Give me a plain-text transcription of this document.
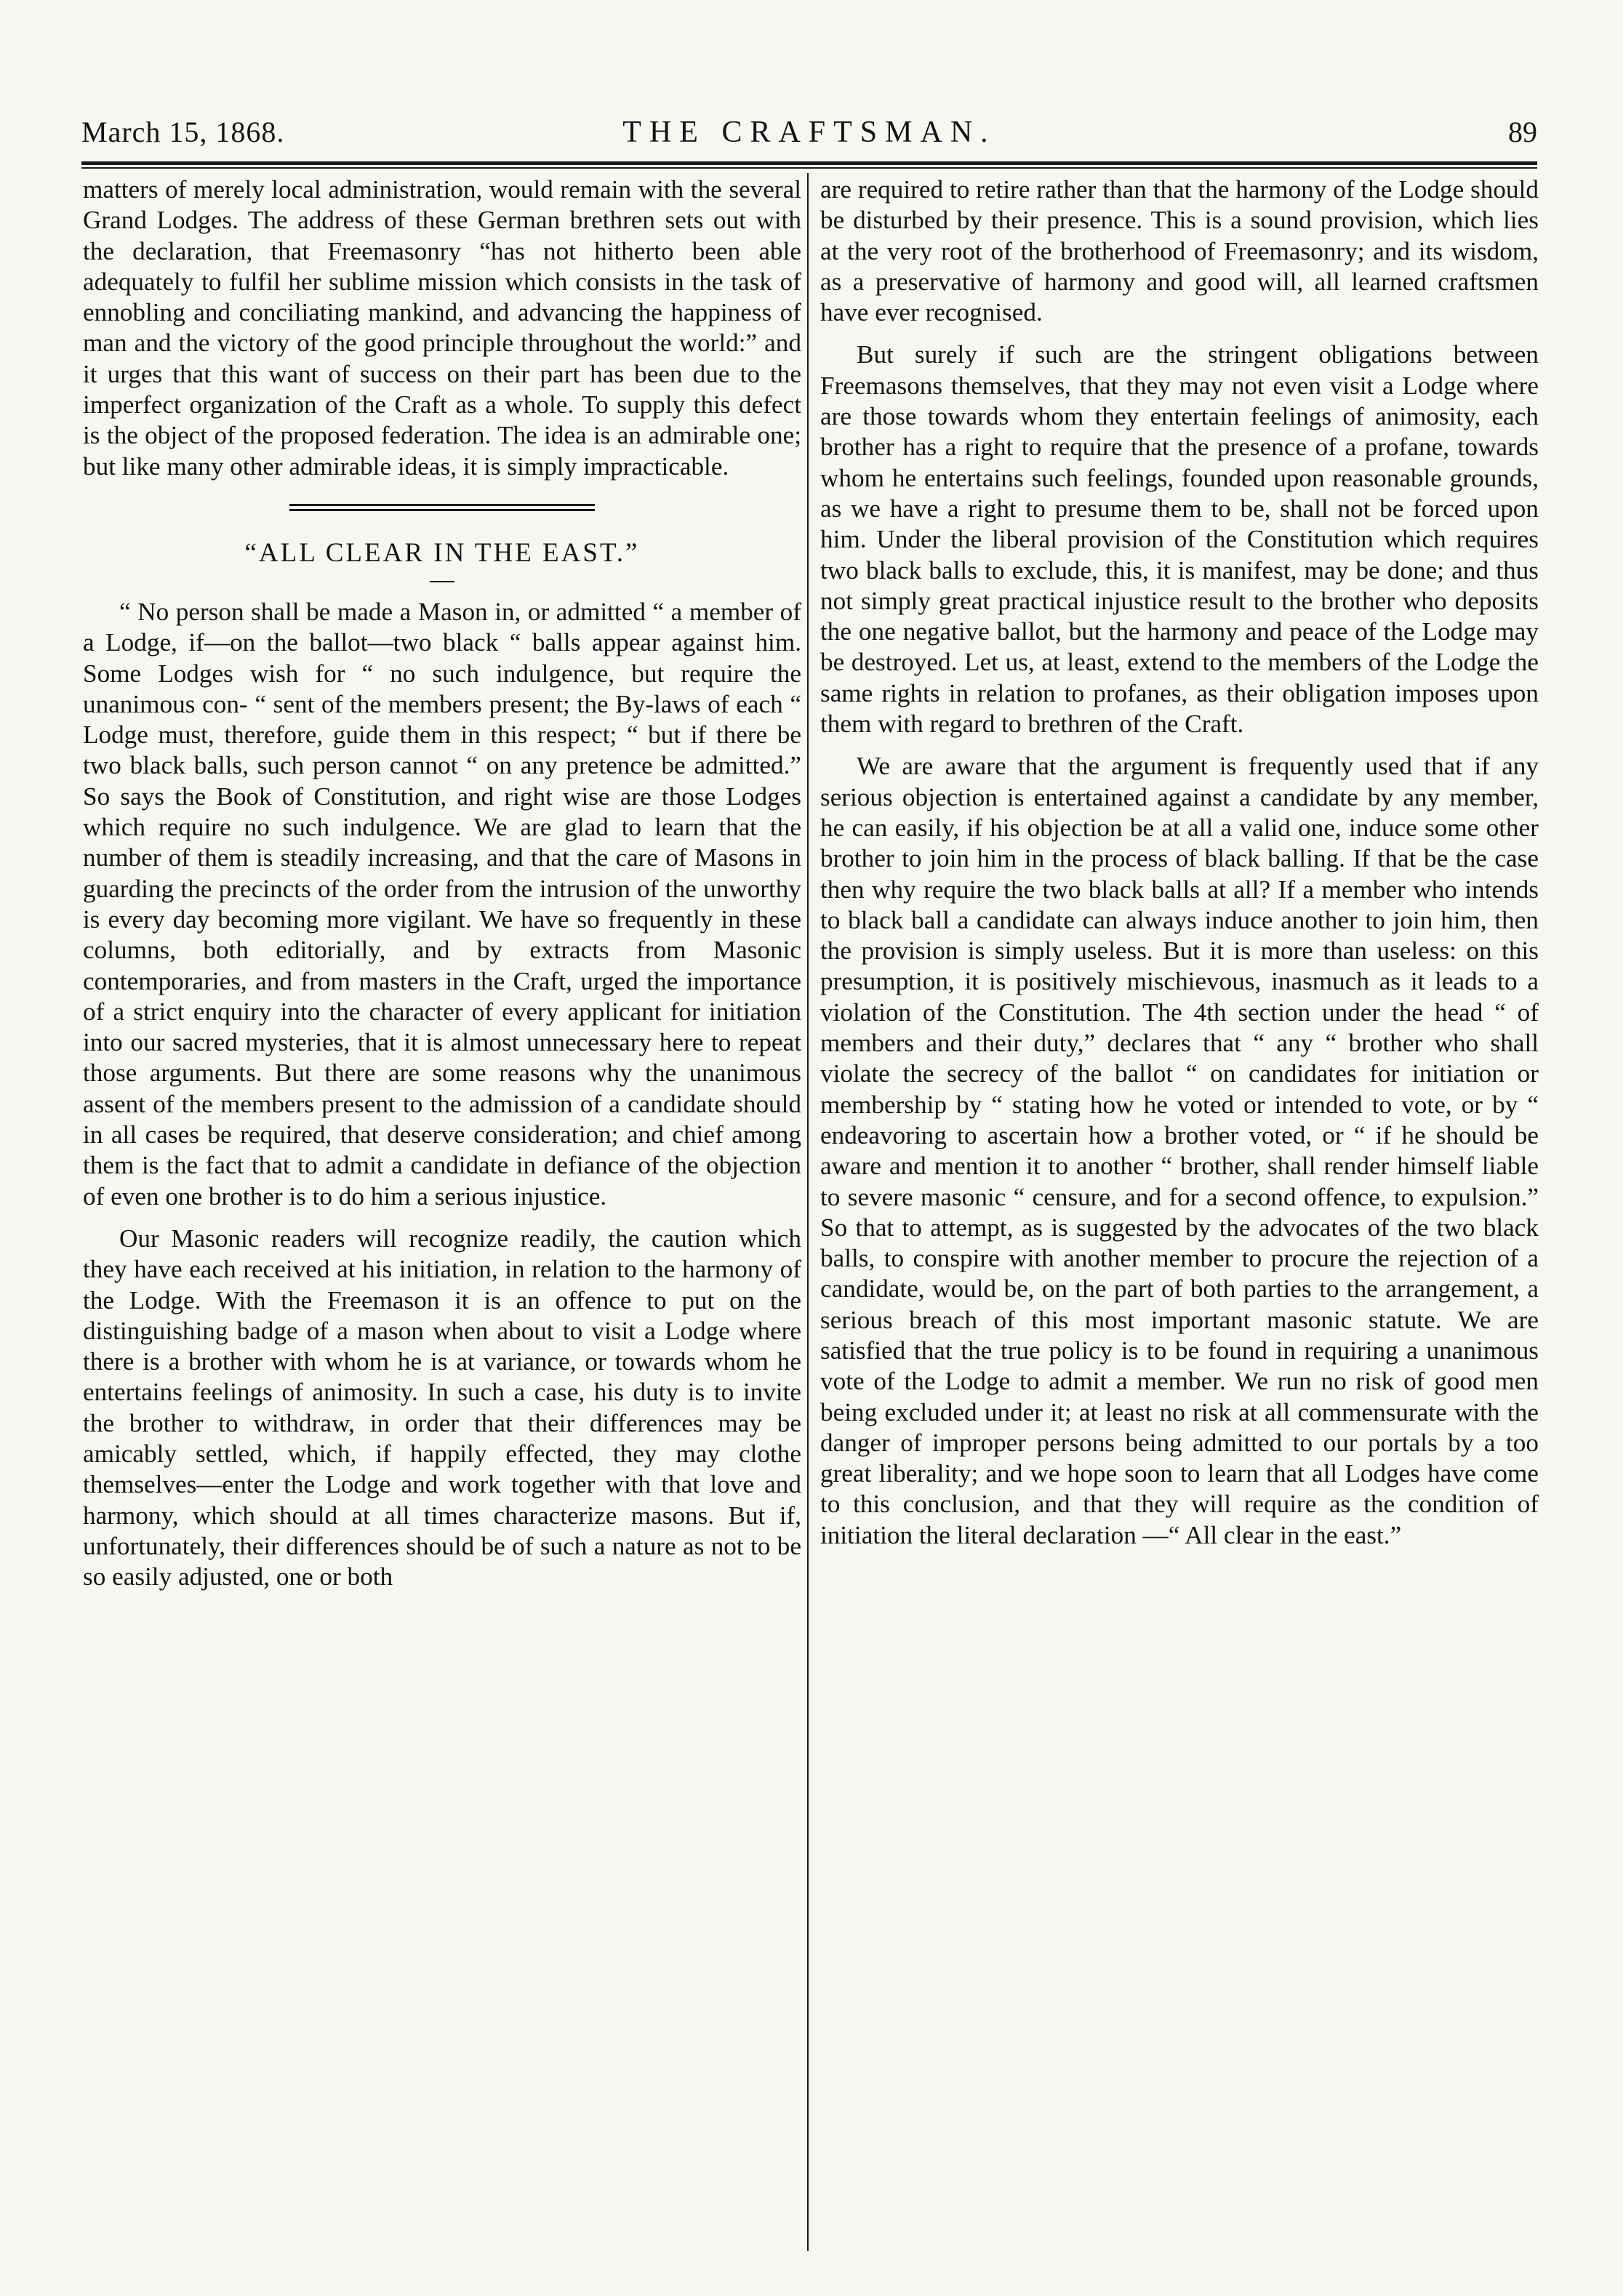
March 15, 1868.	THE CRAFTSMAN.	89

matters of merely local administration, would remain with the several Grand Lodges. The address of these German brethren sets out with the declaration, that Freemasonry “has not hitherto been able adequately to fulfil her sublime mission which consists in the task of ennobling and conciliating mankind, and advancing the happiness of man and the victory of the good principle throughout the world:” and it urges that this want of success on their part has been due to the imperfect organization of the Craft as a whole. To supply this defect is the object of the proposed federation. The idea is an admirable one; but like many other admirable ideas, it is simply impracticable.

“ALL CLEAR IN THE EAST.”

“ No person shall be made a Mason in, or admitted “ a member of a Lodge, if—on the ballot—two black “ balls appear against him. Some Lodges wish for “ no such indulgence, but require the unanimous con- “ sent of the members present; the By-laws of each “ Lodge must, therefore, guide them in this respect; “ but if there be two black balls, such person cannot “ on any pretence be admitted.” So says the Book of Constitution, and right wise are those Lodges which require no such indulgence. We are glad to learn that the number of them is steadily increasing, and that the care of Masons in guarding the precincts of the order from the intrusion of the unworthy is every day becoming more vigilant. We have so frequently in these columns, both editorially, and by extracts from Masonic contemporaries, and from masters in the Craft, urged the importance of a strict enquiry into the character of every applicant for initiation into our sacred mysteries, that it is almost unnecessary here to repeat those arguments. But there are some reasons why the unanimous assent of the members present to the admission of a candidate should in all cases be required, that deserve consideration; and chief among them is the fact that to admit a candidate in defiance of the objection of even one brother is to do him a serious injustice.

Our Masonic readers will recognize readily, the caution which they have each received at his initiation, in relation to the harmony of the Lodge. With the Freemason it is an offence to put on the distinguishing badge of a mason when about to visit a Lodge where there is a brother with whom he is at variance, or towards whom he entertains feelings of animosity. In such a case, his duty is to invite the brother to withdraw, in order that their differences may be amicably settled, which, if happily effected, they may clothe themselves—enter the Lodge and work together with that love and harmony, which should at all times characterize masons. But if, unfortunately, their differences should be of such a nature as not to be so easily adjusted, one or both

are required to retire rather than that the harmony of the Lodge should be disturbed by their presence. This is a sound provision, which lies at the very root of the brotherhood of Freemasonry; and its wisdom, as a preservative of harmony and good will, all learned craftsmen have ever recognised.

But surely if such are the stringent obligations between Freemasons themselves, that they may not even visit a Lodge where are those towards whom they entertain feelings of animosity, each brother has a right to require that the presence of a profane, towards whom he entertains such feelings, founded upon reasonable grounds, as we have a right to presume them to be, shall not be forced upon him. Under the liberal provision of the Constitution which requires two black balls to exclude, this, it is manifest, may be done; and thus not simply great practical injustice result to the brother who deposits the one negative ballot, but the harmony and peace of the Lodge may be destroyed. Let us, at least, extend to the members of the Lodge the same rights in relation to profanes, as their obligation imposes upon them with regard to brethren of the Craft.

We are aware that the argument is frequently used that if any serious objection is entertained against a candidate by any member, he can easily, if his objection be at all a valid one, induce some other brother to join him in the process of black balling. If that be the case then why require the two black balls at all? If a member who intends to black ball a candidate can always induce another to join him, then the provision is simply useless. But it is more than useless: on this presumption, it is positively mischievous, inasmuch as it leads to a violation of the Constitution. The 4th section under the head “ of members and their duty,” declares that “ any “ brother who shall violate the secrecy of the ballot “ on candidates for initiation or membership by “ stating how he voted or intended to vote, or by “ endeavoring to ascertain how a brother voted, or “ if he should be aware and mention it to another “ brother, shall render himself liable to severe masonic “ censure, and for a second offence, to expulsion.” So that to attempt, as is suggested by the advocates of the two black balls, to conspire with another member to procure the rejection of a candidate, would be, on the part of both parties to the arrangement, a serious breach of this most important masonic statute. We are satisfied that the true policy is to be found in requiring a unanimous vote of the Lodge to admit a member. We run no risk of good men being excluded under it; at least no risk at all commensurate with the danger of improper persons being admitted to our portals by a too great liberality; and we hope soon to learn that all Lodges have come to this conclusion, and that they will require as the condition of initiation the literal declaration —“ All clear in the east.”
